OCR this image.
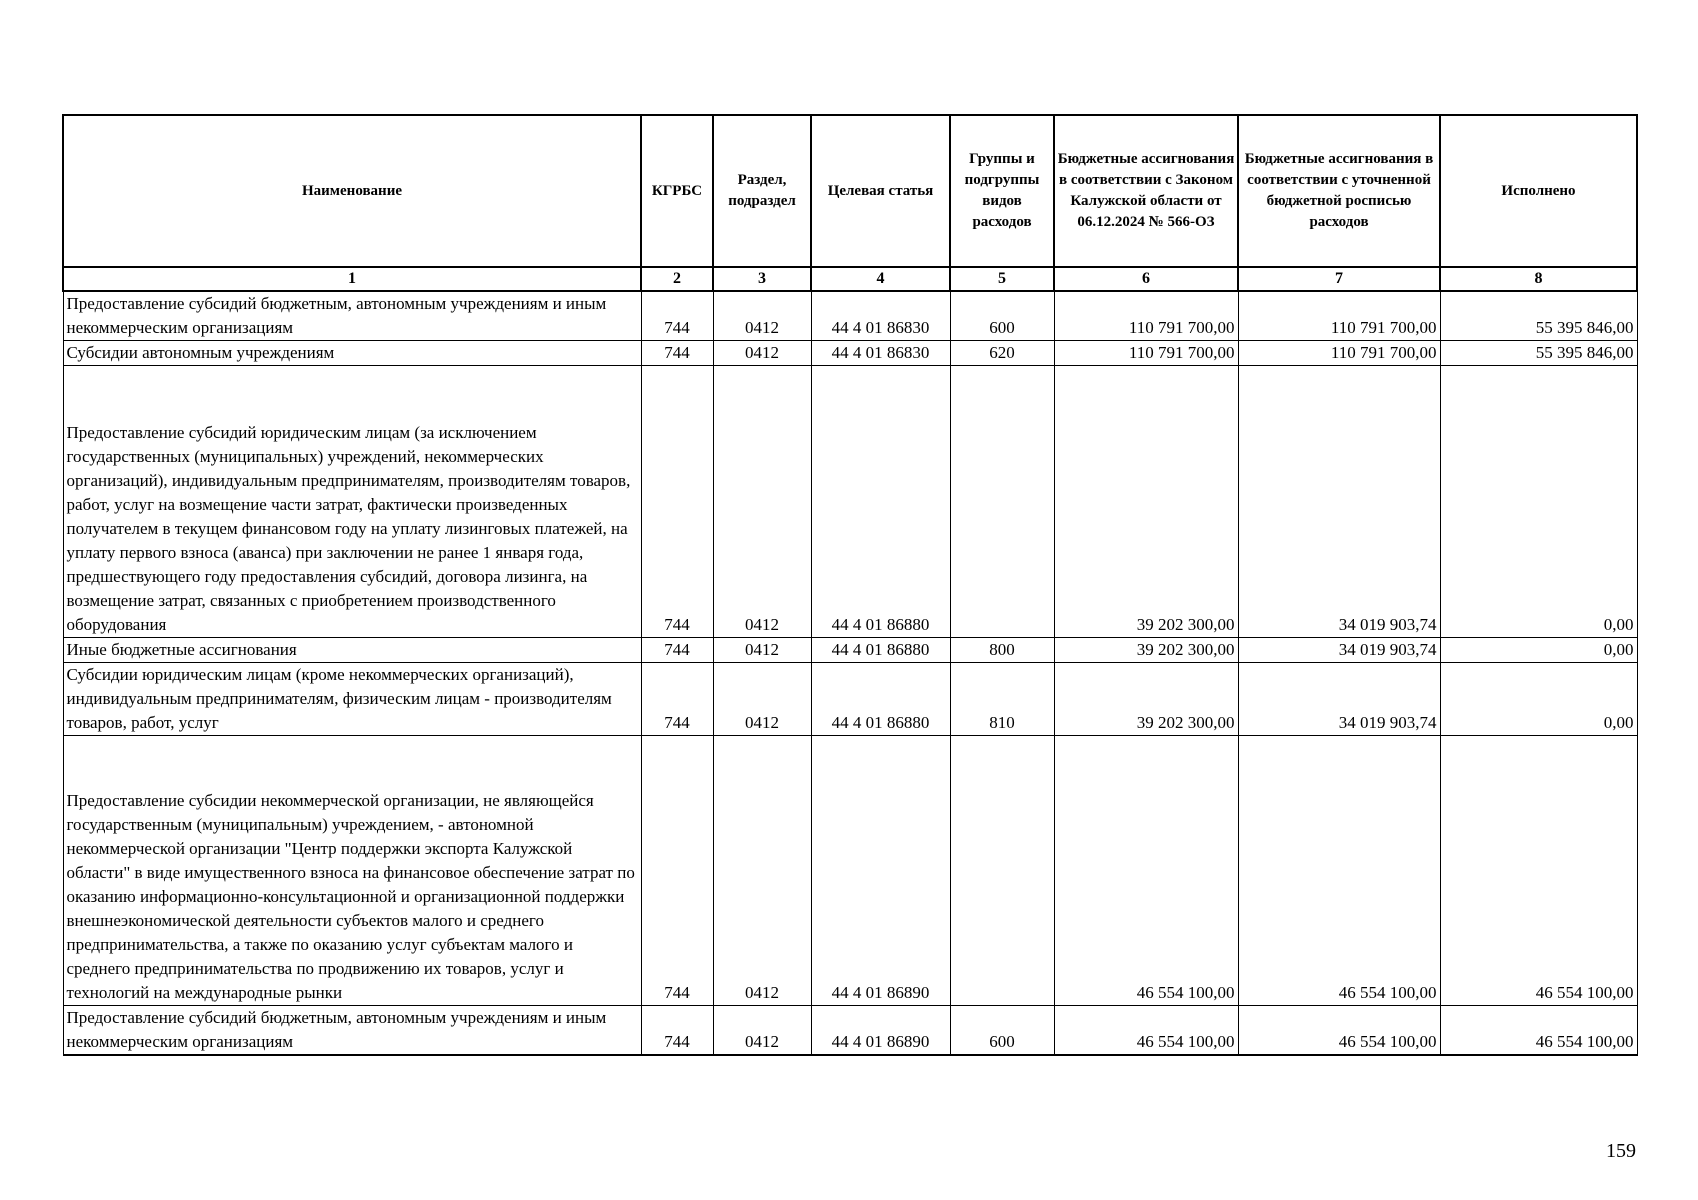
Наименование	КГРБС	Раздел, подраздел	Целевая статья	Группы и подгруппы видов расходов	Бюджетные ассигнования в соответствии с Законом Калужской области от 06.12.2024 № 566-ОЗ	Бюджетные ассигнования в соответствии с уточненной бюджетной росписью расходов	Исполнено
1	2	3	4	5	6	7	8
Предоставление субсидий бюджетным, автономным учреждениям и иным некоммерческим организациям	744	0412	44 4 01 86830	600	110 791 700,00	110 791 700,00	55 395 846,00
Субсидии автономным учреждениям	744	0412	44 4 01 86830	620	110 791 700,00	110 791 700,00	55 395 846,00
Предоставление субсидий юридическим лицам (за исключением государственных (муниципальных) учреждений, некоммерческих организаций), индивидуальным предпринимателям, производителям товаров, работ, услуг на возмещение части затрат, фактически произведенных получателем в текущем финансовом году на уплату лизинговых платежей, на уплату первого взноса (аванса) при заключении не ранее 1 января года, предшествующего году предоставления субсидий, договора лизинга, на возмещение затрат, связанных с приобретением производственного оборудования	744	0412	44 4 01 86880		39 202 300,00	34 019 903,74	0,00
Иные бюджетные ассигнования	744	0412	44 4 01 86880	800	39 202 300,00	34 019 903,74	0,00
Субсидии юридическим лицам (кроме некоммерческих организаций), индивидуальным предпринимателям, физическим лицам - производителям товаров, работ, услуг	744	0412	44 4 01 86880	810	39 202 300,00	34 019 903,74	0,00
Предоставление субсидии некоммерческой организации, не являющейся государственным (муниципальным) учреждением, - автономной некоммерческой организации "Центр поддержки экспорта Калужской области" в виде имущественного взноса на финансовое обеспечение затрат по оказанию информационно-консультационной и организационной поддержки внешнеэкономической деятельности субъектов малого и среднего предпринимательства, а также по оказанию услуг субъектам малого и среднего предпринимательства по продвижению их товаров, услуг и технологий на международные рынки	744	0412	44 4 01 86890		46 554 100,00	46 554 100,00	46 554 100,00
Предоставление субсидий бюджетным, автономным учреждениям и иным некоммерческим организациям	744	0412	44 4 01 86890	600	46 554 100,00	46 554 100,00	46 554 100,00
159
